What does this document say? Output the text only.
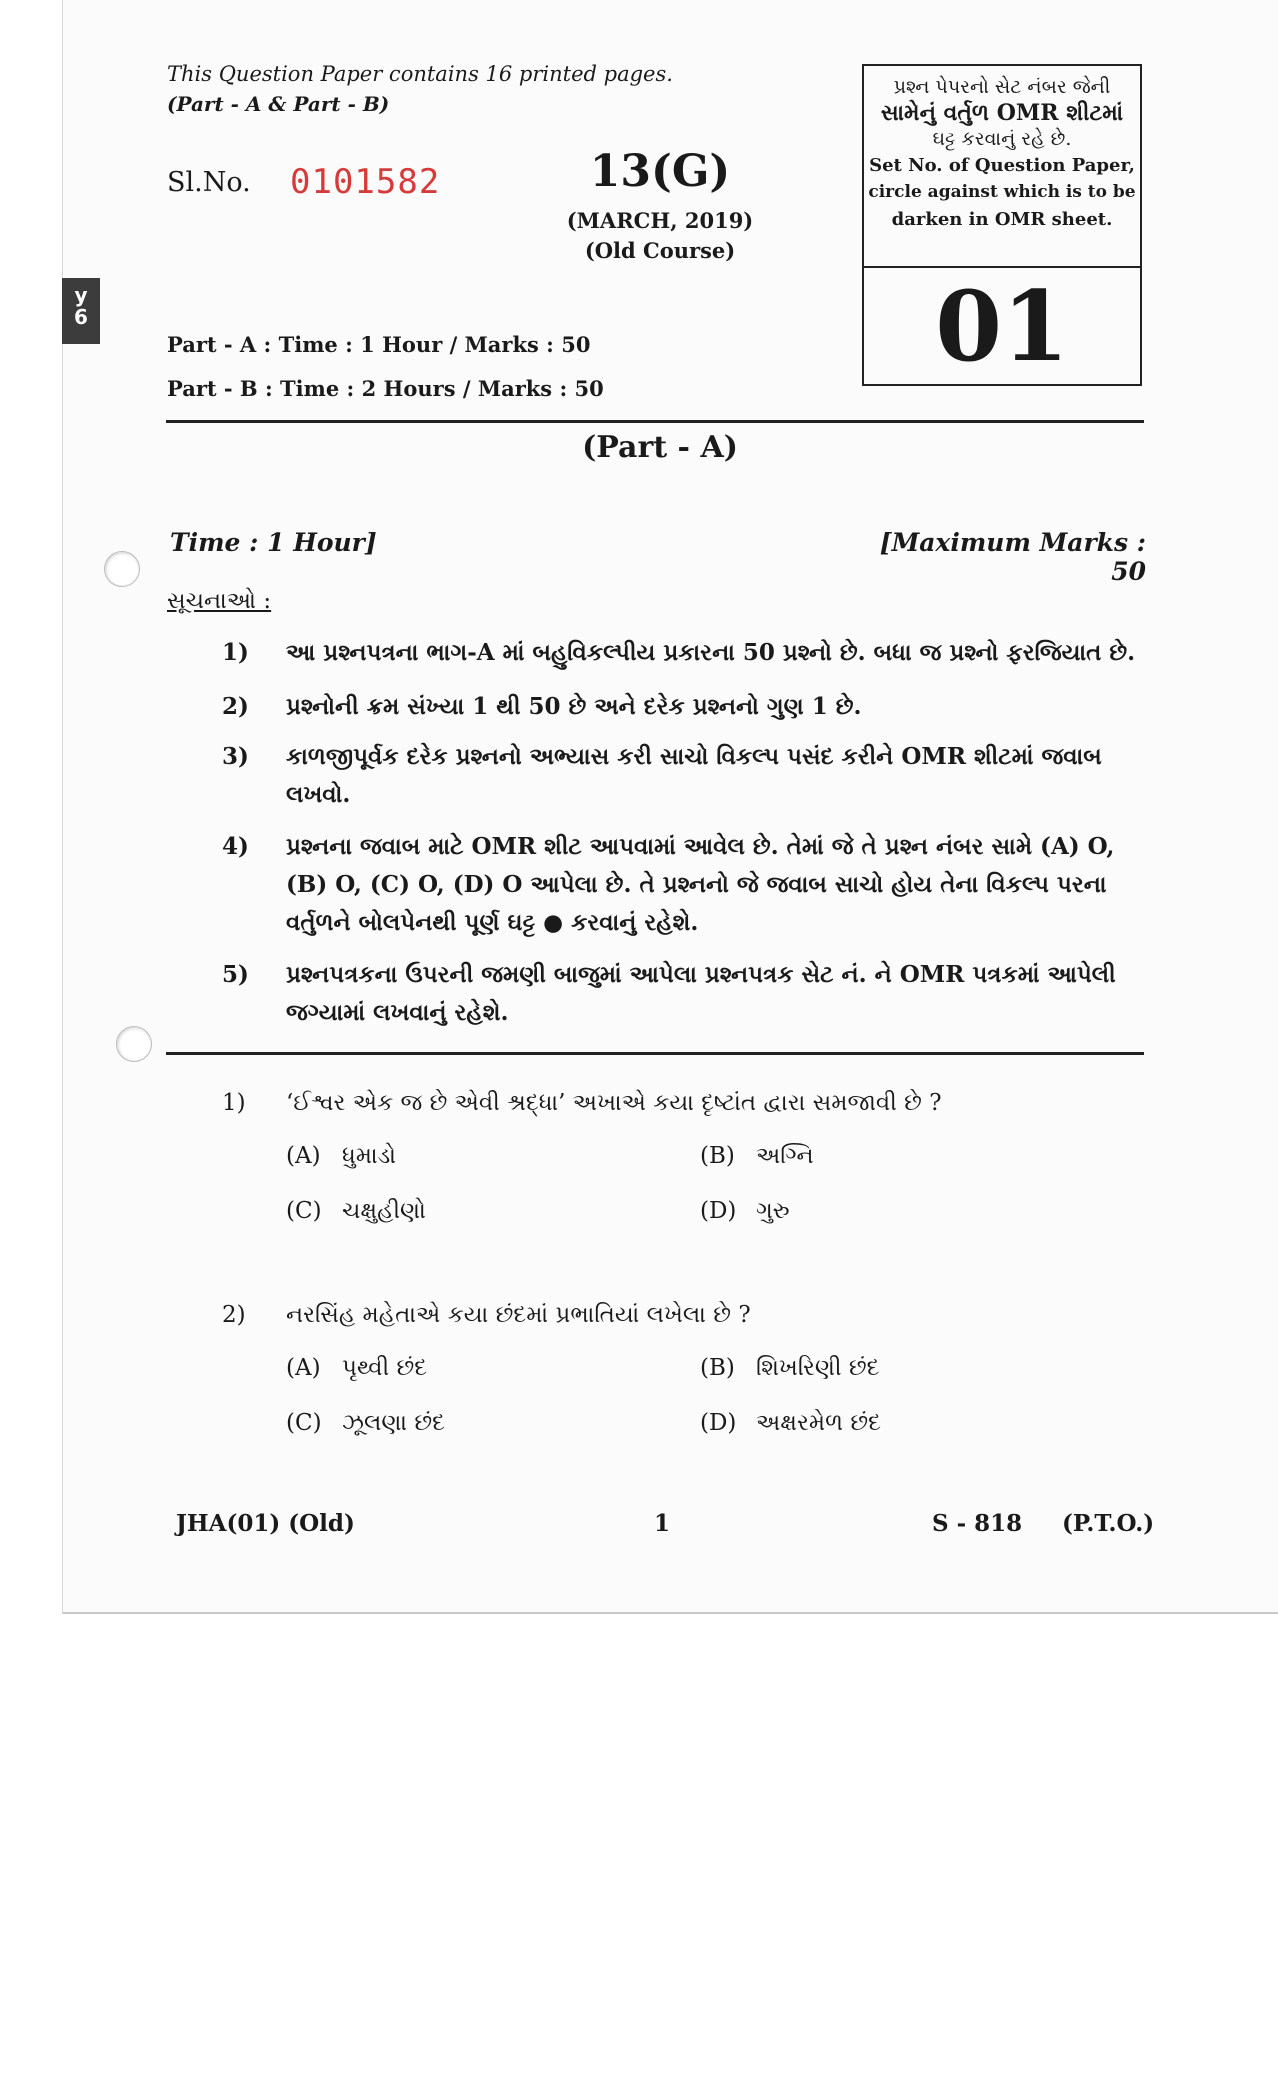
y
6
This Question Paper contains 16 printed pages.
(Part - A & Part - B)
Sl.No. 0101582	13(G)
(MARCH, 2019)
(Old Course)
Part - A : Time : 1 Hour / Marks : 50
Part - B : Time : 2 Hours / Marks : 50
પ્રશ્ન પેપરનો સેટ નંબર જેની
સામેનું વર્તુળ OMR શીટમાં
ઘટ્ટ કરવાનું રહે છે.
Set No. of Question Paper,
circle against which is to be
darken in OMR sheet.
01
(Part - A)
Time : 1 Hour]	[Maximum Marks : 50
સૂચનાઓ :
1)	આ પ્રશ્નપત્રના ભાગ-A માં બહુવિકલ્પીય પ્રકારના 50 પ્રશ્નો છે. બધા જ પ્રશ્નો ફરજિયાત છે.
2)	પ્રશ્નોની ક્રમ સંખ્યા 1 થી 50 છે અને દરેક પ્રશ્નનો ગુણ 1 છે.
3)	કાળજીપૂર્વક દરેક પ્રશ્નનો અભ્યાસ કરી સાચો વિકલ્પ પસંદ કરીને OMR શીટમાં જવાબ લખવો.
4)	પ્રશ્નના જવાબ માટે OMR શીટ આપવામાં આવેલ છે. તેમાં જે તે પ્રશ્ન નંબર સામે (A) O, (B) O, (C) O, (D) O આપેલા છે. તે પ્રશ્નનો જે જવાબ સાચો હોય તેના વિકલ્પ પરના વર્તુળને બોલપેનથી પૂર્ણ ઘટ્ટ ● કરવાનું રહેશે.
5)	પ્રશ્નપત્રકના ઉપરની જમણી બાજુમાં આપેલા પ્રશ્નપત્રક સેટ નં. ને OMR પત્રકમાં આપેલી જગ્યામાં લખવાનું રહેશે.
1) ‘ઈશ્વર એક જ છે એવી શ્રદ્ધા’ અખાએ કયા દૃષ્ટાંત દ્વારા સમજાવી છે ?
(A) ધુમાડો	(B) અગ્નિ
(C) ચક્ષુહીણો	(D) ગુરુ
2) નરસિંહ મહેતાએ કયા છંદમાં પ્રભાતિયાં લખેલા છે ?
(A) પૃથ્વી છંદ	(B) શિખરિણી છંદ
(C) ઝૂલણા છંદ	(D) અક્ષરમેળ છંદ
JHA(01) (Old)	1	S - 818 (P.T.O.)
